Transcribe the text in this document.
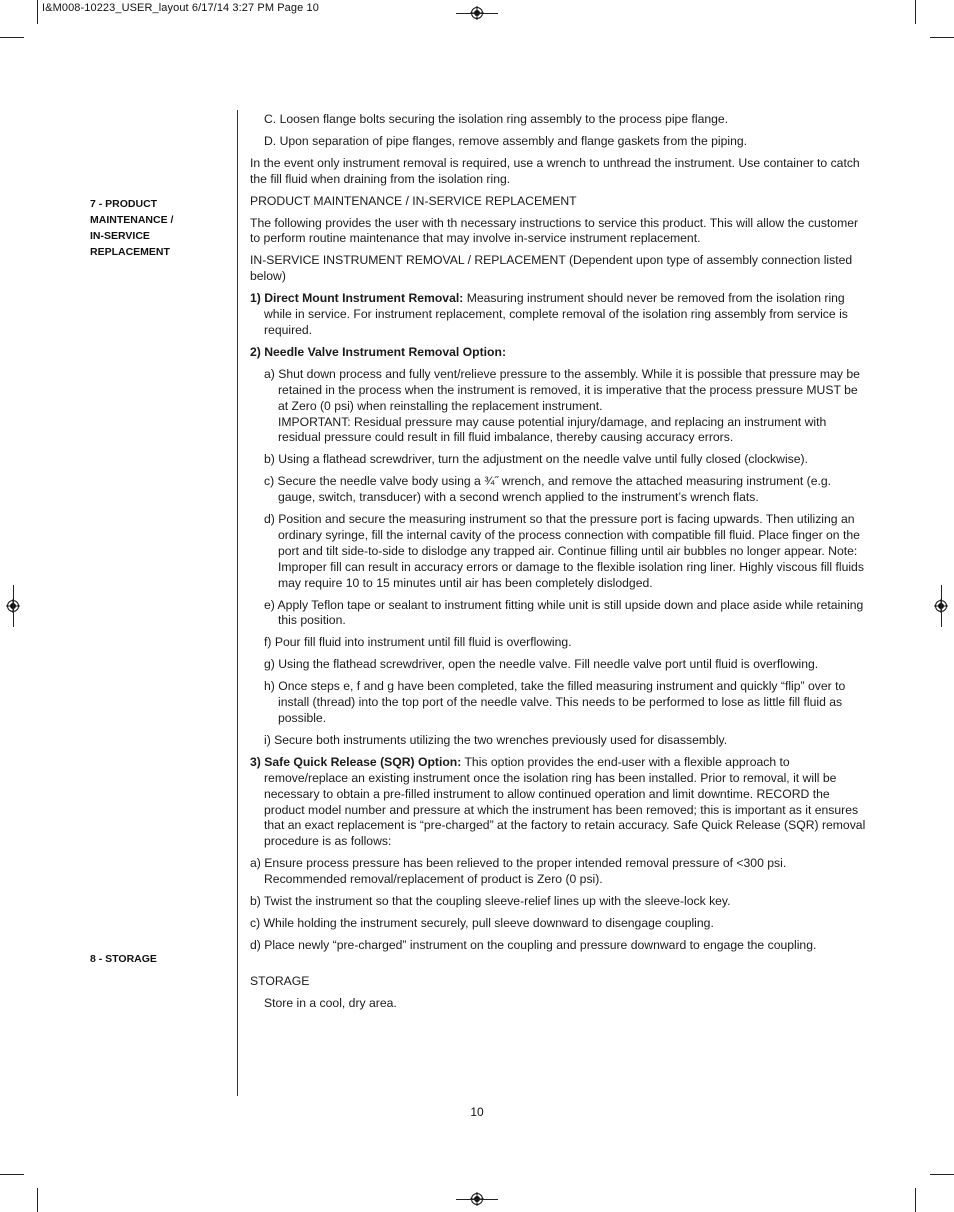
I&M008-10223_USER_layout 6/17/14 3:27 PM Page 10
7 - PRODUCT
MAINTENANCE /
IN-SERVICE
REPLACEMENT
8 - STORAGE

C. Loosen flange bolts securing the isolation ring assembly to the process pipe flange.

D. Upon separation of pipe flanges, remove assembly and flange gaskets from the piping.

In the event only instrument removal is required, use a wrench to unthread the instrument. Use container to catch the fill fluid when draining from the isolation ring.

PRODUCT MAINTENANCE / IN-SERVICE REPLACEMENT

The following provides the user with th necessary instructions to service this product. This will allow the customer to perform routine maintenance that may involve in-service instrument replacement.

IN-SERVICE INSTRUMENT REMOVAL / REPLACEMENT (Dependent upon type of assembly connection listed below)

1) Direct Mount Instrument Removal: Measuring instrument should never be removed from the isolation ring while in service. For instrument replacement, complete removal of the isolation ring assembly from service is required.

2) Needle Valve Instrument Removal Option:

a) Shut down process and fully vent/relieve pressure to the assembly. While it is possible that pressure may be retained in the process when the instrument is removed, it is imperative that the process pressure MUST be at Zero (0 psi) when reinstalling the replacement instrument.
IMPORTANT: Residual pressure may cause potential injury/damage, and replacing an instrument with residual pressure could result in fill fluid imbalance, thereby causing accuracy errors.

b) Using a flathead screwdriver, turn the adjustment on the needle valve until fully closed (clockwise).

c) Secure the needle valve body using a ¾˝ wrench, and remove the attached measuring instrument (e.g. gauge, switch, transducer) with a second wrench applied to the instrument’s wrench flats.

d) Position and secure the measuring instrument so that the pressure port is facing upwards. Then utilizing an ordinary syringe, fill the internal cavity of the process connection with compatible fill fluid. Place finger on the port and tilt side-to-side to dislodge any trapped air. Continue filling until air bubbles no longer appear. Note: Improper fill can result in accuracy errors or damage to the flexible isolation ring liner. Highly viscous fill fluids may require 10 to 15 minutes until air has been completely dislodged.

e) Apply Teflon tape or sealant to instrument fitting while unit is still upside down and place aside while retaining this position.

f) Pour fill fluid into instrument until fill fluid is overflowing.

g) Using the flathead screwdriver, open the needle valve. Fill needle valve port until fluid is overflowing.

h) Once steps e, f and g have been completed, take the filled measuring instrument and quickly “flip” over to install (thread) into the top port of the needle valve. This needs to be performed to lose as little fill fluid as possible.

i) Secure both instruments utilizing the two wrenches previously used for disassembly.

3) Safe Quick Release (SQR) Option: This option provides the end-user with a flexible approach to remove/replace an existing instrument once the isolation ring has been installed. Prior to removal, it will be necessary to obtain a pre-filled instrument to allow continued operation and limit downtime. RECORD the product model number and pressure at which the instrument has been removed; this is important as it ensures that an exact replacement is “pre-charged” at the factory to retain accuracy. Safe Quick Release (SQR) removal procedure is as follows:

a) Ensure process pressure has been relieved to the proper intended removal pressure of <300 psi. Recommended removal/replacement of product is Zero (0 psi).

b) Twist the instrument so that the coupling sleeve-relief lines up with the sleeve-lock key.

c) While holding the instrument securely, pull sleeve downward to disengage coupling.

d) Place newly “pre-charged” instrument on the coupling and pressure downward to engage the coupling.

STORAGE

Store in a cool, dry area.

10
